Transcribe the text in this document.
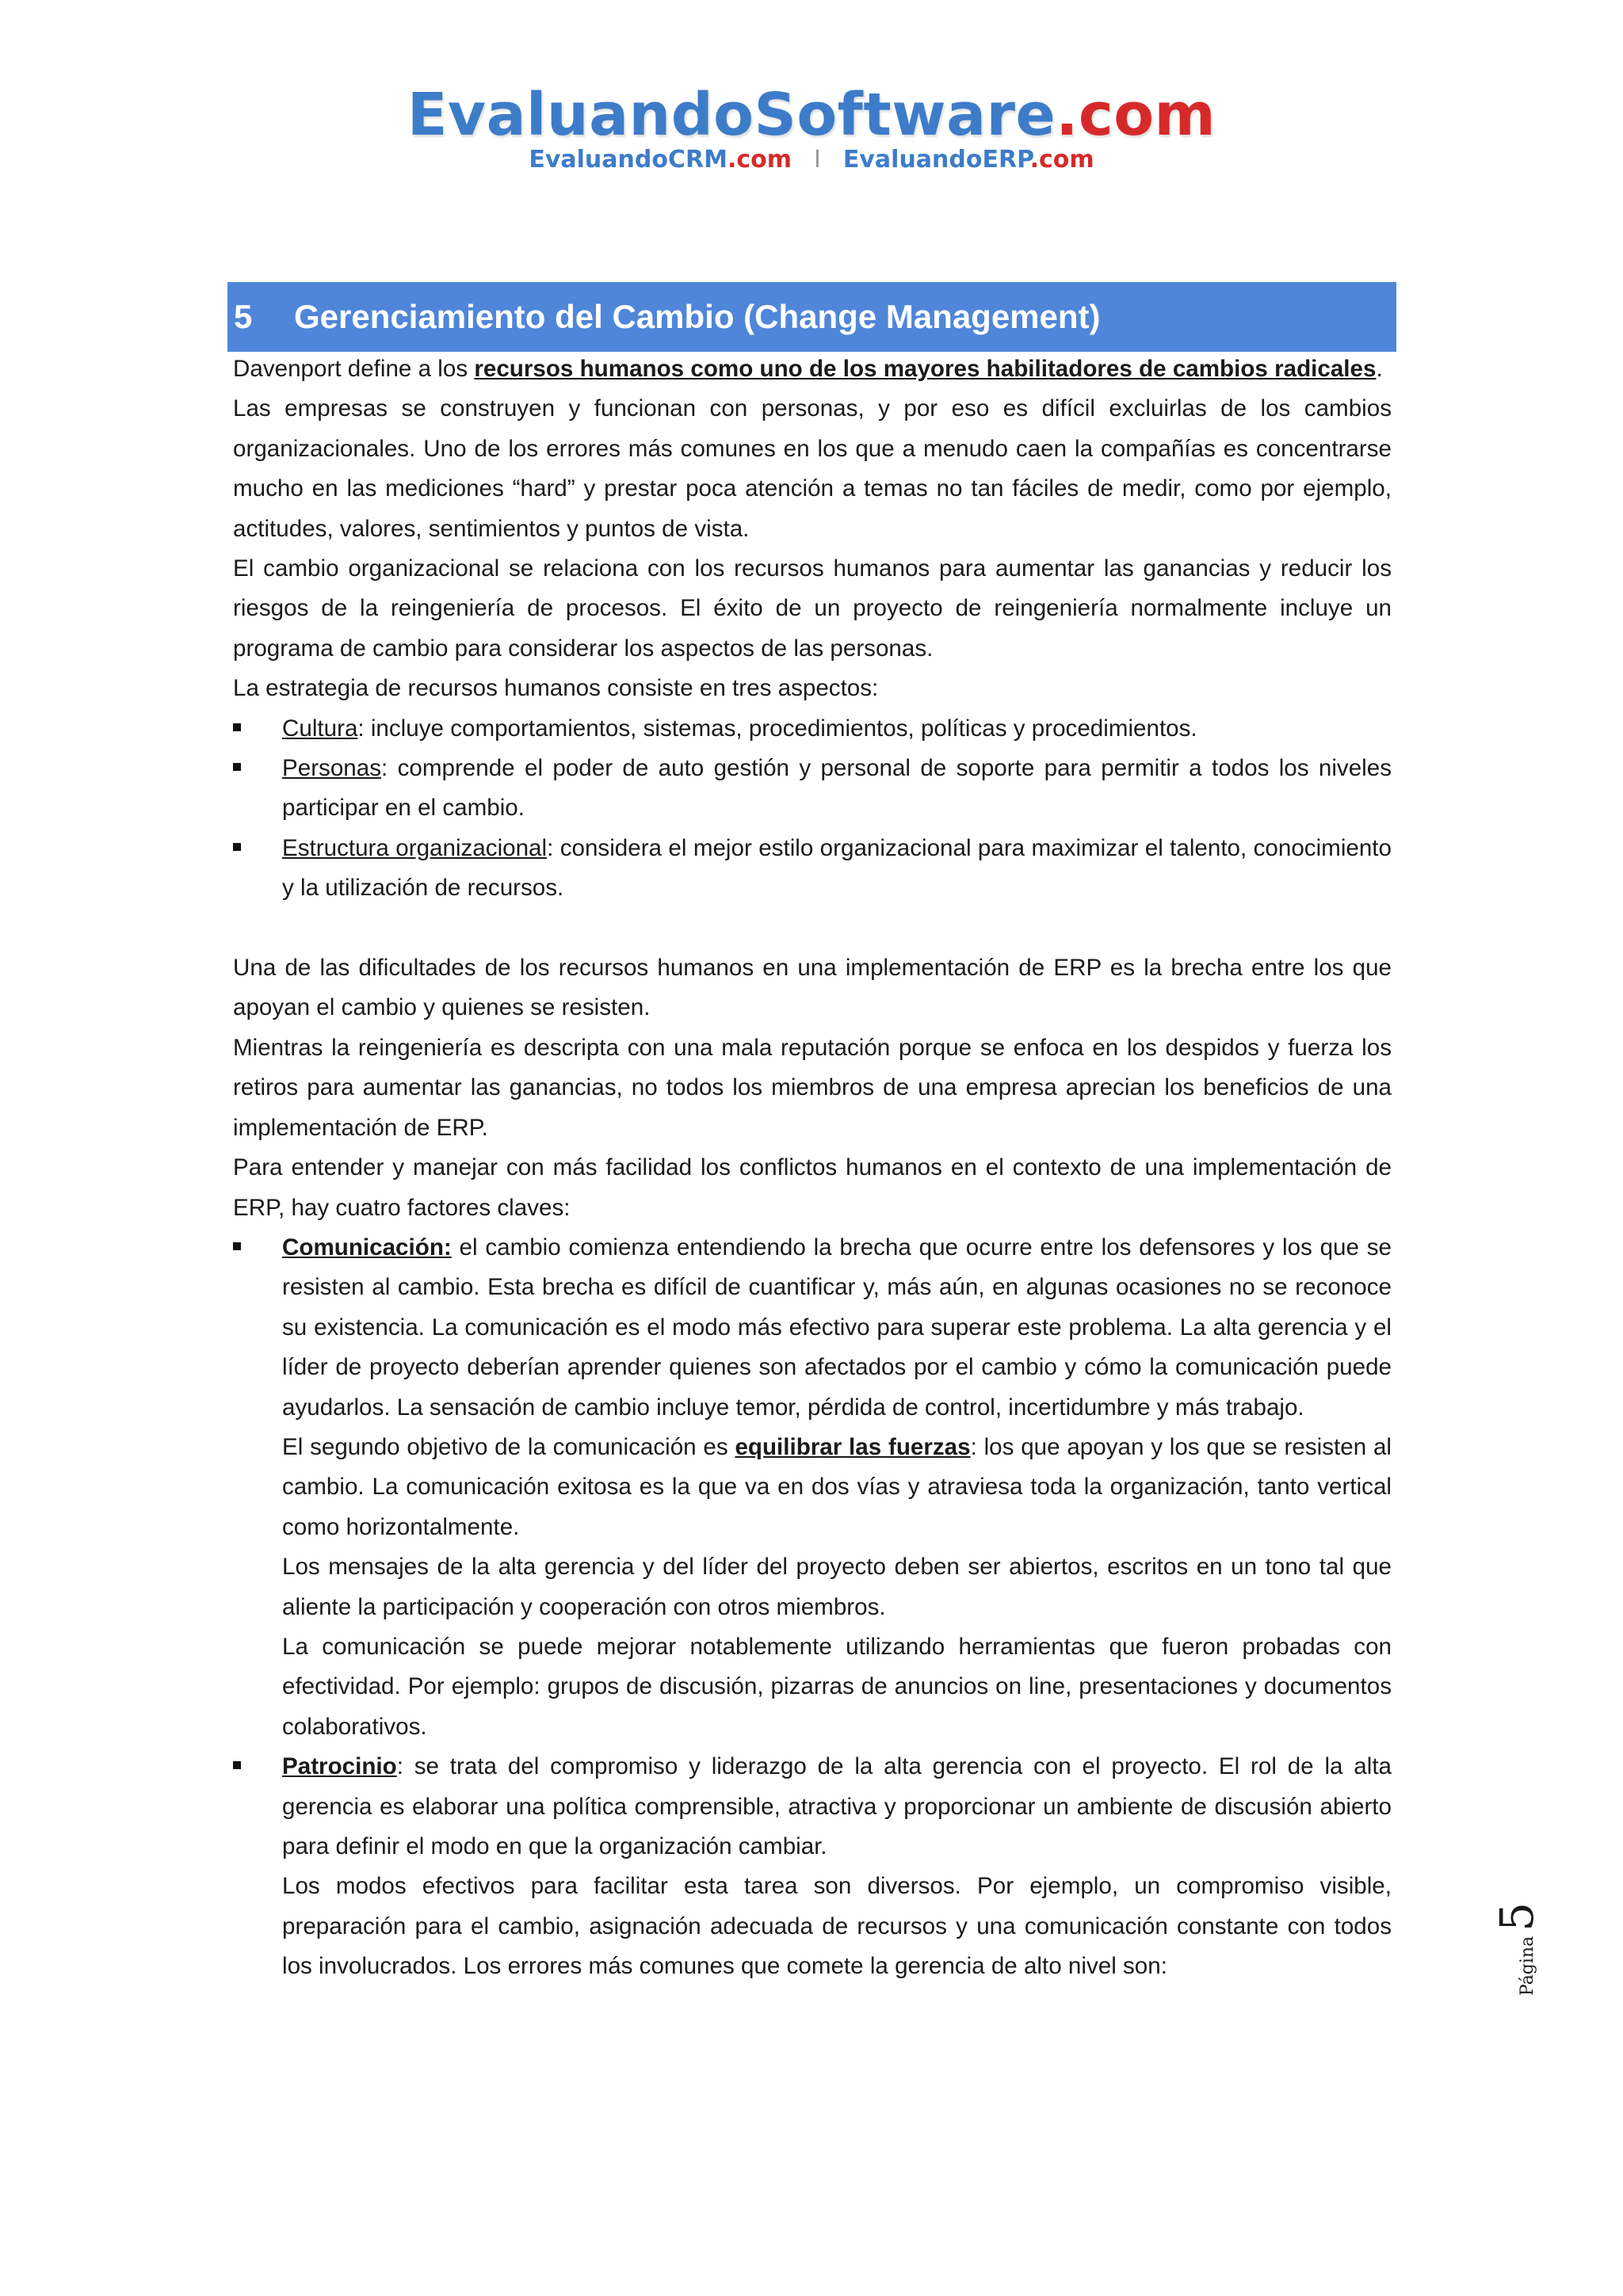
EvaluandoSoftware.com
EvaluandoCRM.com I EvaluandoERP.com
5	Gerenciamiento del Cambio (Change Management)

Davenport define a los recursos humanos como uno de los mayores habilitadores de cambios radicales.

Las empresas se construyen y funcionan con personas, y por eso es difícil excluirlas de los cambios organizacionales. Uno de los errores más comunes en los que a menudo caen la compañías es concentrarse mucho en las mediciones “hard” y prestar poca atención a temas no tan fáciles de medir, como por ejemplo, actitudes, valores, sentimientos y puntos de vista.

El cambio organizacional se relaciona con los recursos humanos para aumentar las ganancias y reducir los riesgos de la reingeniería de procesos. El éxito de un proyecto de reingeniería normalmente incluye un programa de cambio para considerar los aspectos de las personas.

La estrategia de recursos humanos consiste en tres aspectos:

Cultura: incluye comportamientos, sistemas, procedimientos, políticas y procedimientos.

Personas: comprende el poder de auto gestión y personal de soporte para permitir a todos los niveles participar en el cambio.

Estructura organizacional: considera el mejor estilo organizacional para maximizar el talento, conocimiento y la utilización de recursos.

Una de las dificultades de los recursos humanos en una implementación de ERP es la brecha entre los que apoyan el cambio y quienes se resisten.

Mientras la reingeniería es descripta con una mala reputación porque se enfoca en los despidos y fuerza los retiros para aumentar las ganancias, no todos los miembros de una empresa aprecian los beneficios de una implementación de ERP.

Para entender y manejar con más facilidad los conflictos humanos en el contexto de una implementación de ERP, hay cuatro factores claves:

Comunicación: el cambio comienza entendiendo la brecha que ocurre entre los defensores y los que se resisten al cambio. Esta brecha es difícil de cuantificar y, más aún, en algunas ocasiones no se reconoce su existencia. La comunicación es el modo más efectivo para superar este problema. La alta gerencia y el líder de proyecto deberían aprender quienes son afectados por el cambio y cómo la comunicación puede ayudarlos. La sensación de cambio incluye temor, pérdida de control, incertidumbre y más trabajo.

El segundo objetivo de la comunicación es equilibrar las fuerzas: los que apoyan y los que se resisten al cambio. La comunicación exitosa es la que va en dos vías y atraviesa toda la organización, tanto vertical como horizontalmente.

Los mensajes de la alta gerencia y del líder del proyecto deben ser abiertos, escritos en un tono tal que aliente la participación y cooperación con otros miembros.

La comunicación se puede mejorar notablemente utilizando herramientas que fueron probadas con efectividad. Por ejemplo: grupos de discusión, pizarras de anuncios on line, presentaciones y documentos colaborativos.

Patrocinio: se trata del compromiso y liderazgo de la alta gerencia con el proyecto. El rol de la alta gerencia es elaborar una política comprensible, atractiva y proporcionar un ambiente de discusión abierto para definir el modo en que la organización cambiar.

Los modos efectivos para facilitar esta tarea son diversos. Por ejemplo, un compromiso visible, preparación para el cambio, asignación adecuada de recursos y una comunicación constante con todos los involucrados. Los errores más comunes que comete la gerencia de alto nivel son:	Página
5
